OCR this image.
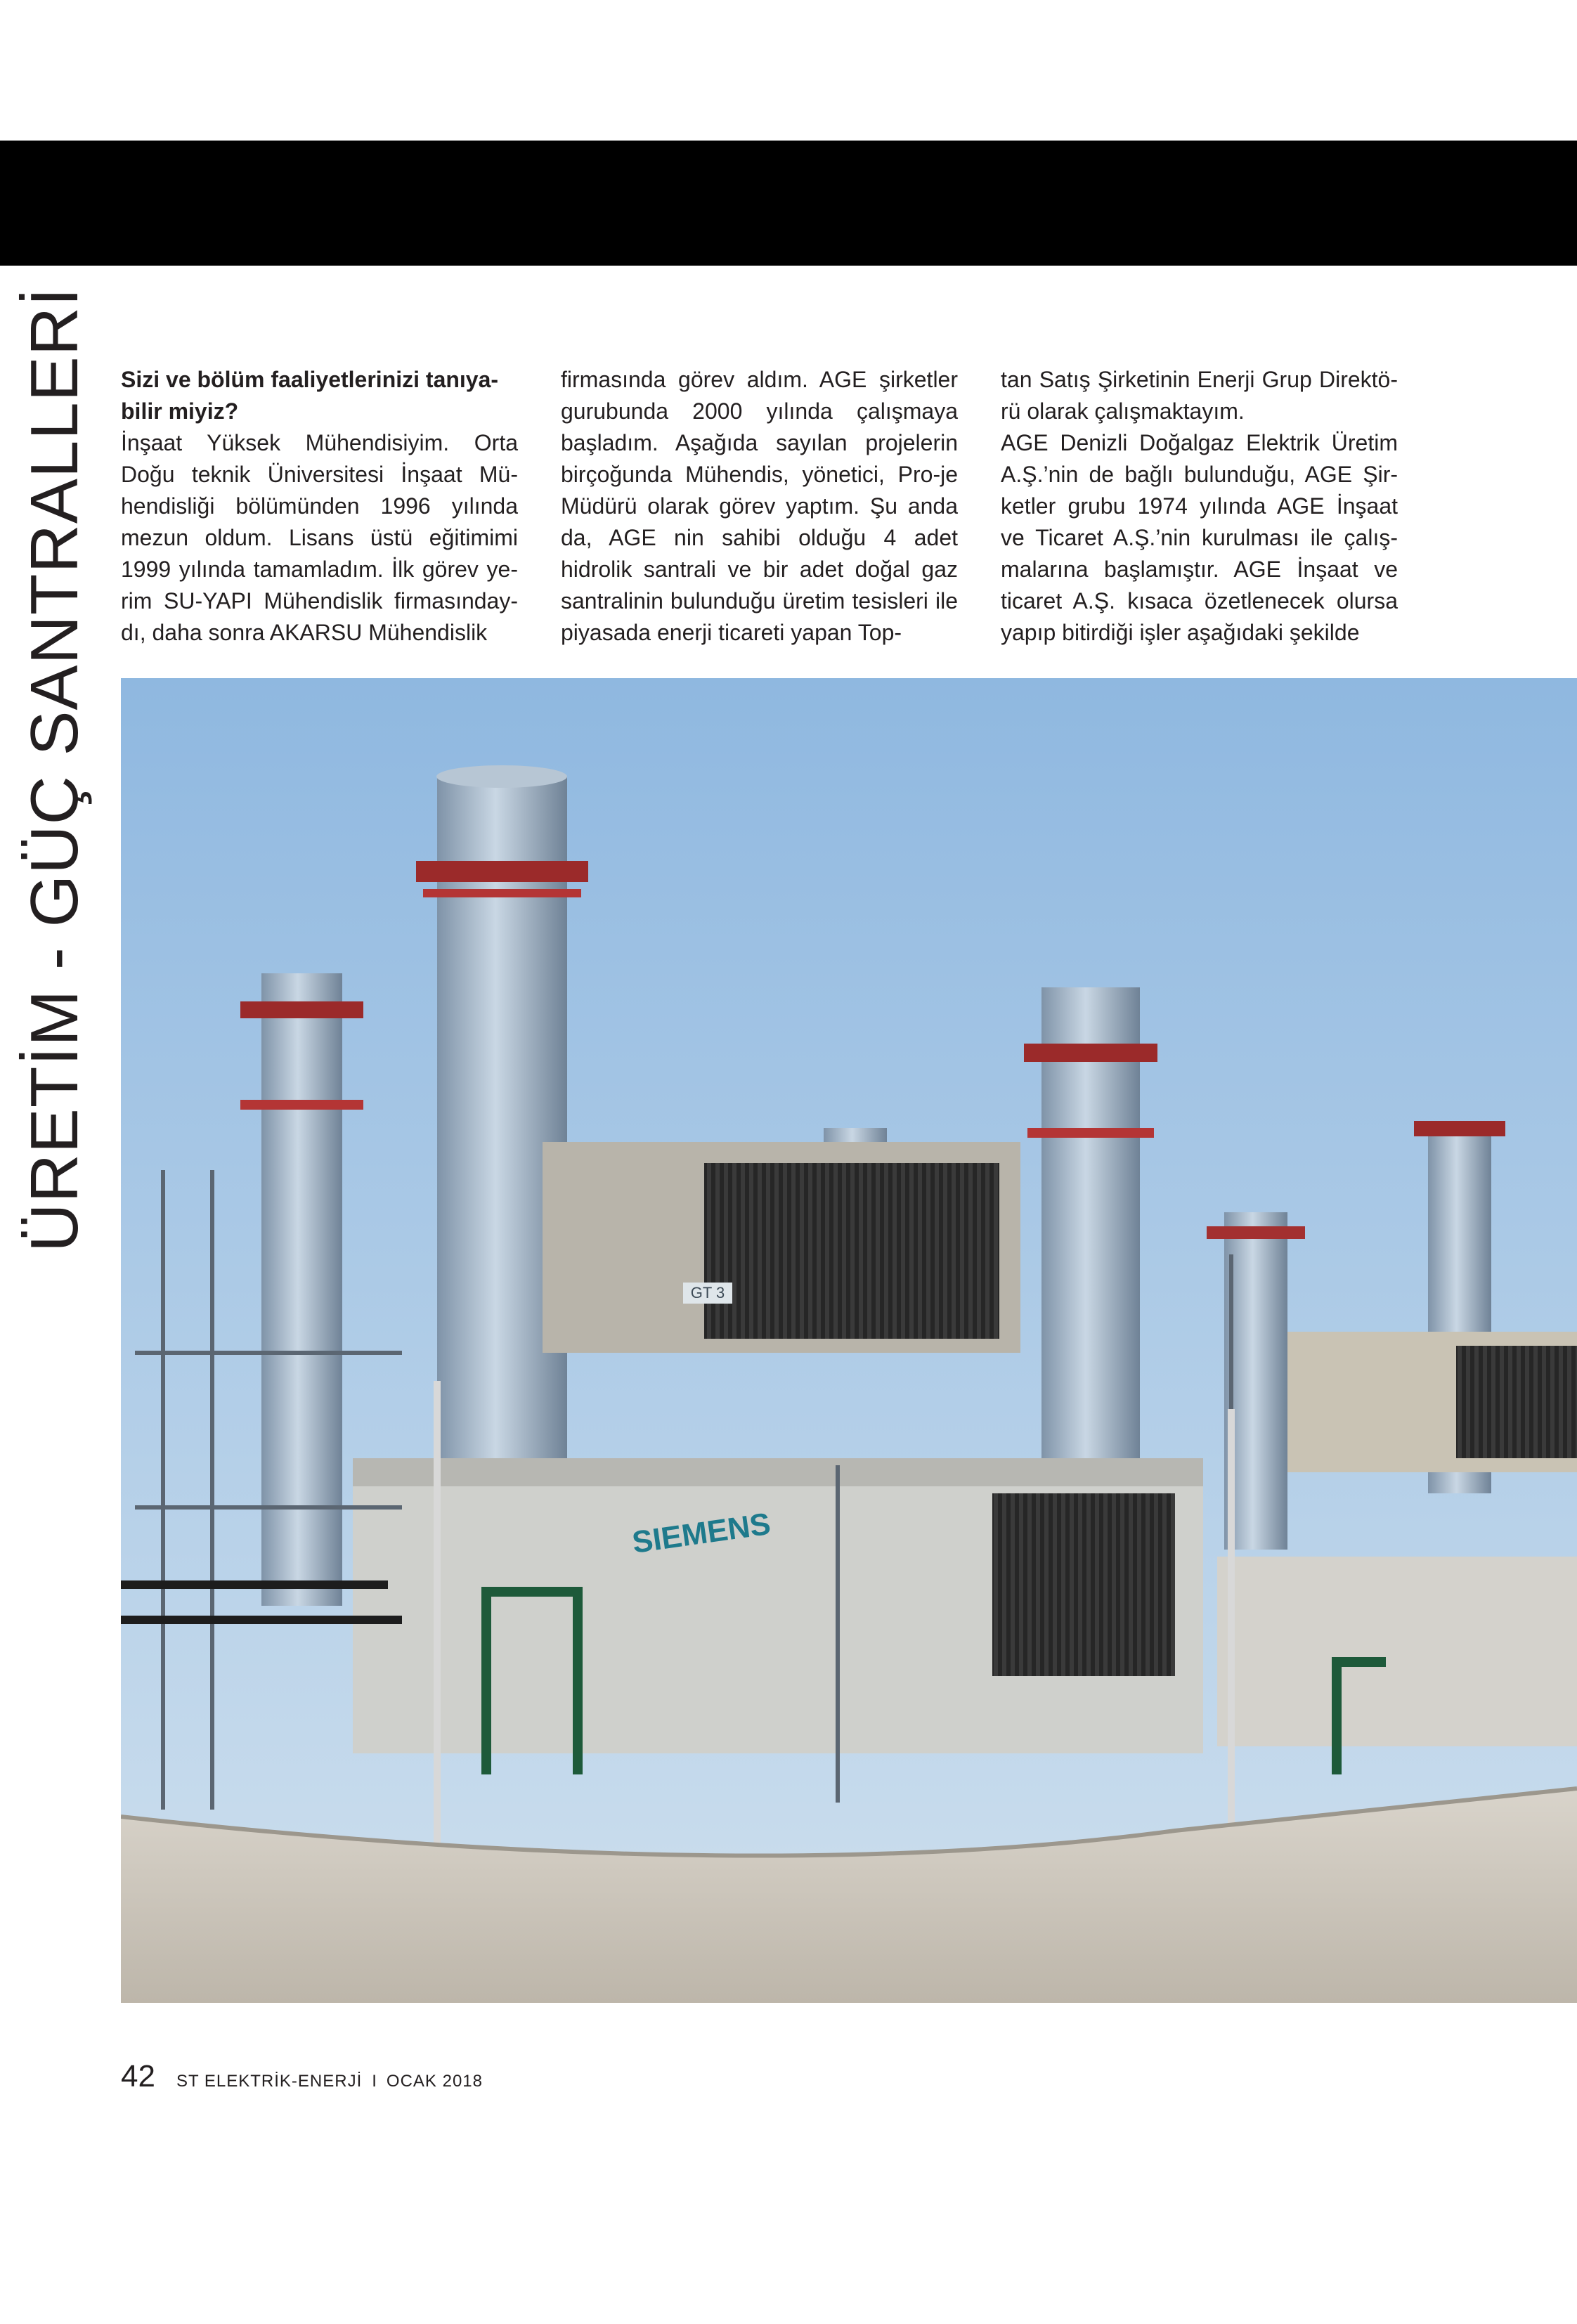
ÜRETİM - GÜÇ SANTRALLERİ	Sizi ve bölüm faaliyetlerinizi tanıya-bilir miyiz?

İnşaat Yüksek Mühendisiyim. Orta Doğu teknik Üniversitesi İnşaat Mü-hendisliği bölümünden 1996 yılında mezun oldum. Lisans üstü eğitimimi 1999 yılında tamamladım. İlk görev ye-rim SU-YAPI Mühendislik firmasınday-dı, daha sonra AKARSU Mühendislik

firmasında görev aldım. AGE şirketler gurubunda 2000 yılında çalışmaya başladım. Aşağıda sayılan projelerin birçoğunda Mühendis, yönetici, Pro-je Müdürü olarak görev yaptım. Şu anda da, AGE nin sahibi olduğu 4 adet hidrolik santrali ve bir adet doğal gaz santralinin bulunduğu üretim tesisleri ile piyasada enerji ticareti yapan Top-

tan Satış Şirketinin Enerji Grup Direktö-rü olarak çalışmaktayım.

AGE Denizli Doğalgaz Elektrik Üretim A.Ş.’nin de bağlı bulunduğu, AGE Şir-ketler grubu 1974 yılında AGE İnşaat ve Ticaret A.Ş.’nin kurulması ile çalış-malarına başlamıştır. AGE İnşaat ve ticaret A.Ş. kısaca özetlenecek olursa yapıp bitirdiği işler aşağıdaki şekilde

GT 3
SIEMENS
42 ST ELEKTRİK-ENERJİ I OCAK 2018
